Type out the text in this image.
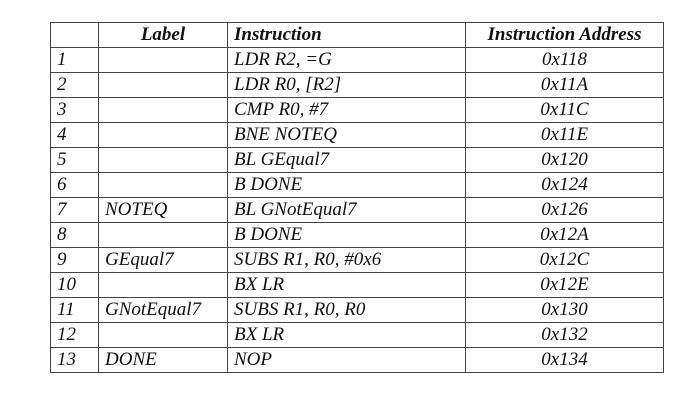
	Label	Instruction	Instruction Address
1		LDR R2, =G	0x118
2		LDR R0, [R2]	0x11A
3		CMP R0, #7	0x11C
4		BNE NOTEQ	0x11E
5		BL GEqual7	0x120
6		B DONE	0x124
7	NOTEQ	BL GNotEqual7	0x126
8		B DONE	0x12A
9	GEqual7	SUBS R1, R0, #0x6	0x12C
10		BX LR	0x12E
11	GNotEqual7	SUBS R1, R0, R0	0x130
12		BX LR	0x132
13	DONE	NOP	0x134
